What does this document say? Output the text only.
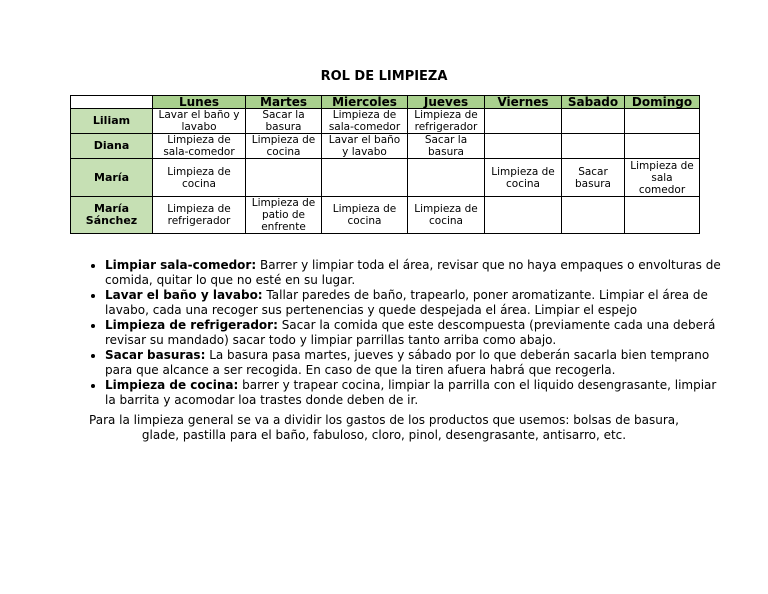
ROL DE LIMPIEZA
	Lunes	Martes	Miercoles	Jueves	Viernes	Sabado	Domingo
Liliam	Lavar el baño y lavabo	Sacar la basura	Limpieza de sala-comedor	Limpieza de refrigerador			
Diana	Limpieza de sala-comedor	Limpieza de cocina	Lavar el baño y lavabo	Sacar la basura			
María	Limpieza de cocina				Limpieza de cocina	Sacar basura	Limpieza de sala comedor
María Sánchez	Limpieza de refrigerador	Limpieza de patio de enfrente	Limpieza de cocina	Limpieza de cocina			
• Limpiar sala-comedor: Barrer y limpiar toda el área, revisar que no haya empaques o envolturas de comida, quitar lo que no esté en su lugar.
• Lavar el baño y lavabo: Tallar paredes de baño, trapearlo, poner aromatizante. Limpiar el área de lavabo, cada una recoger sus pertenencias y quede despejada el área. Limpiar el espejo
• Limpieza de refrigerador: Sacar la comida que este descompuesta (previamente cada una deberá revisar su mandado) sacar todo y limpiar parrillas tanto arriba como abajo.
• Sacar basuras: La basura pasa martes, jueves y sábado por lo que deberán sacarla bien temprano para que alcance a ser recogida. En caso de que la tiren afuera habrá que recogerla.
• Limpieza de cocina: barrer y trapear cocina, limpiar la parrilla con el liquido desengrasante, limpiar la barrita y acomodar loa trastes donde deben de ir.
Para la limpieza general se va a dividir los gastos de los productos que usemos: bolsas de basura, glade, pastilla para el baño, fabuloso, cloro, pinol, desengrasante, antisarro, etc.
